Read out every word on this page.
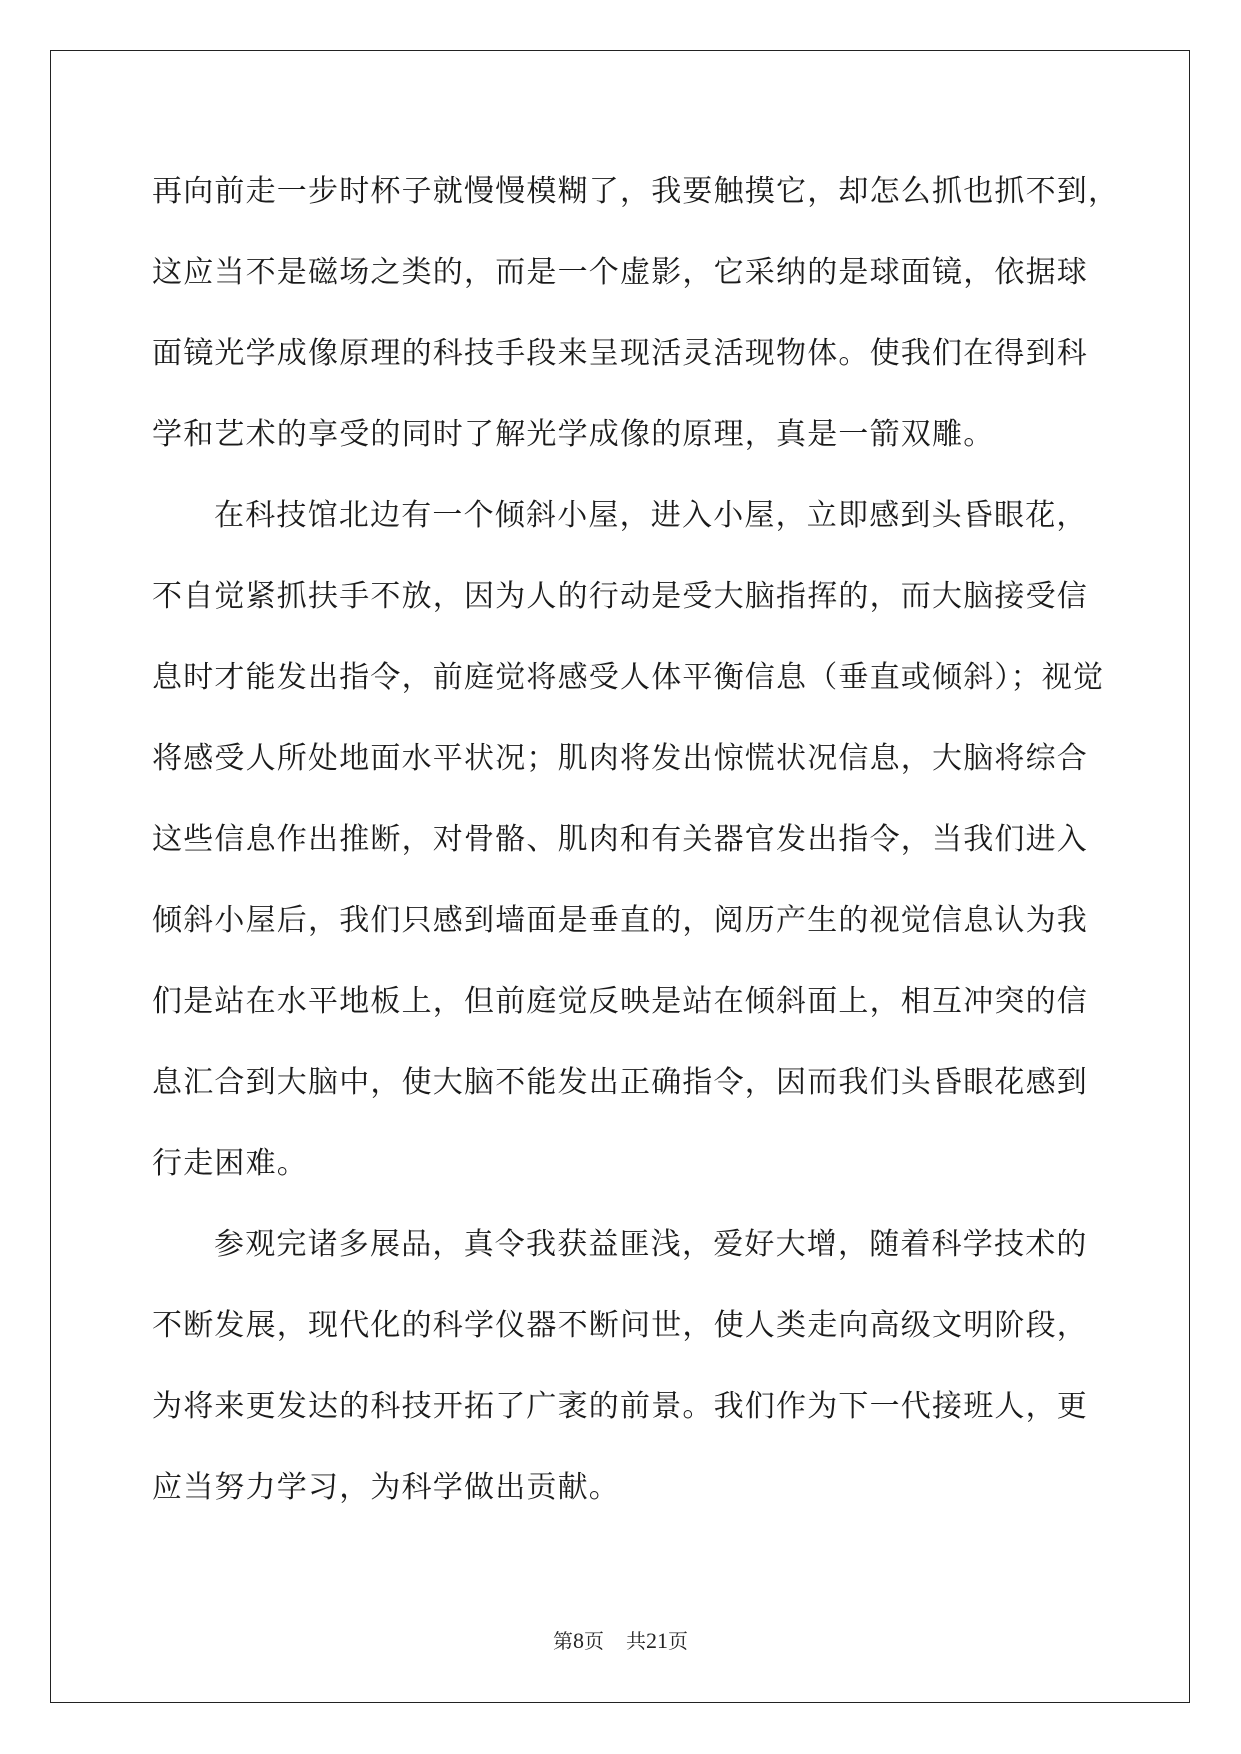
再向前走一步时杯子就慢慢模糊了，我要触摸它，却怎么抓也抓不到，
这应当不是磁场之类的，而是一个虚影，它采纳的是球面镜，依据球
面镜光学成像原理的科技手段来呈现活灵活现物体。使我们在得到科
学和艺术的享受的同时了解光学成像的原理，真是一箭双雕。
在科技馆北边有一个倾斜小屋，进入小屋，立即感到头昏眼花，
不自觉紧抓扶手不放，因为人的行动是受大脑指挥的，而大脑接受信
息时才能发出指令，前庭觉将感受人体平衡信息（垂直或倾斜）；视觉
将感受人所处地面水平状况；肌肉将发出惊慌状况信息，大脑将综合
这些信息作出推断，对骨骼、肌肉和有关器官发出指令，当我们进入
倾斜小屋后，我们只感到墙面是垂直的，阅历产生的视觉信息认为我
们是站在水平地板上，但前庭觉反映是站在倾斜面上，相互冲突的信
息汇合到大脑中，使大脑不能发出正确指令，因而我们头昏眼花感到
行走困难。
参观完诸多展品，真令我获益匪浅，爱好大增，随着科学技术的
不断发展，现代化的科学仪器不断问世，使人类走向高级文明阶段，
为将来更发达的科技开拓了广袤的前景。我们作为下一代接班人，更
应当努力学习，为科学做出贡献。
第8页 共21页
